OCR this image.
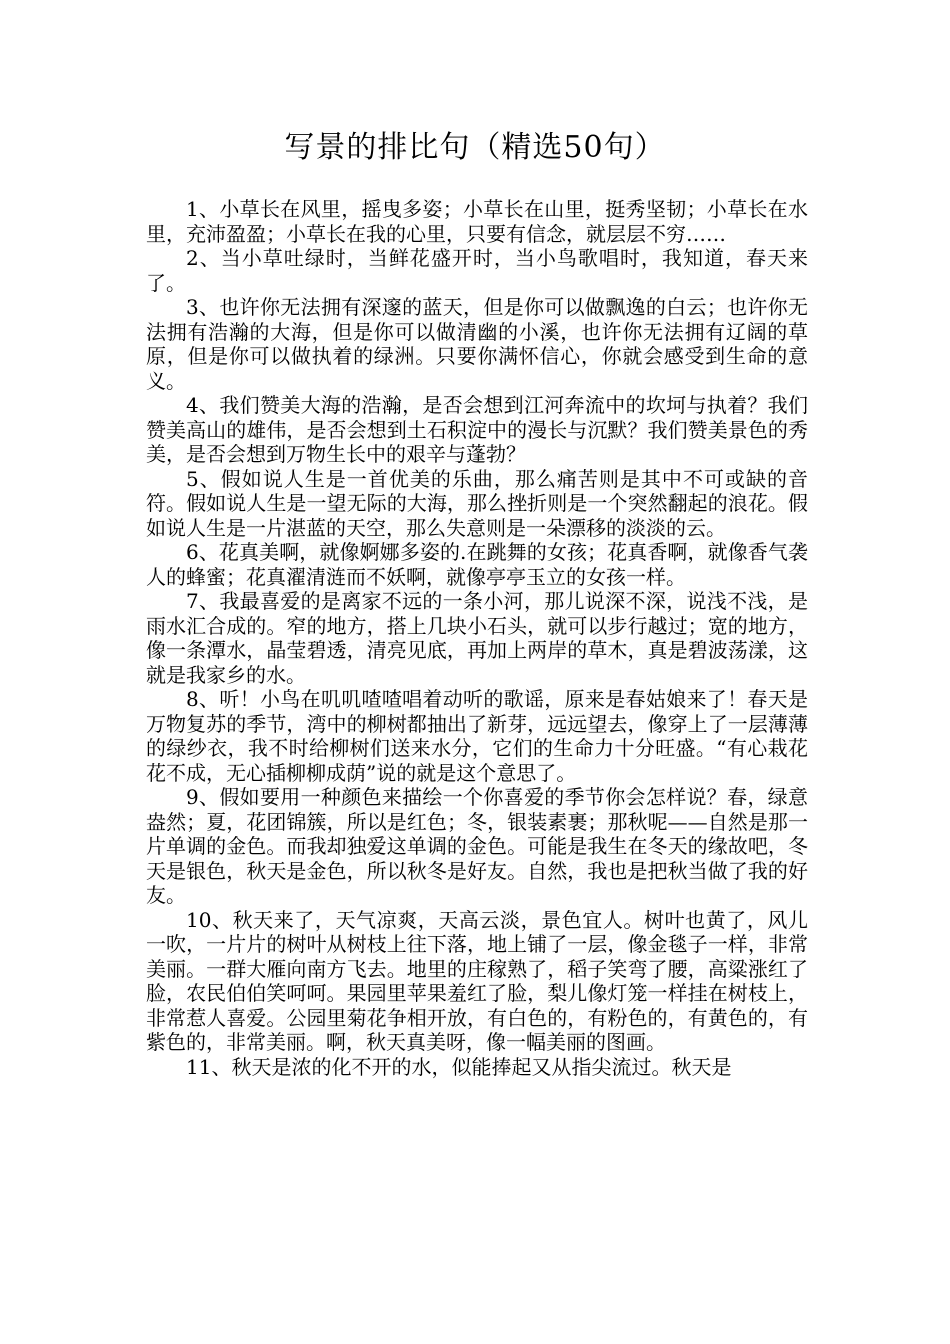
写景的排比句（精选50句）

1、小草长在风里，摇曳多姿；小草长在山里，挺秀坚韧；小草长在水里，充沛盈盈；小草长在我的心里，只要有信念，就层层不穷……

2、当小草吐绿时，当鲜花盛开时，当小鸟歌唱时，我知道，春天来了。

3、也许你无法拥有深邃的蓝天，但是你可以做飘逸的白云；也许你无法拥有浩瀚的大海，但是你可以做清幽的小溪，也许你无法拥有辽阔的草原，但是你可以做执着的绿洲。只要你满怀信心，你就会感受到生命的意义。

4、我们赞美大海的浩瀚，是否会想到江河奔流中的坎坷与执着？我们赞美高山的雄伟，是否会想到土石积淀中的漫长与沉默？我们赞美景色的秀美，是否会想到万物生长中的艰辛与蓬勃？

5、假如说人生是一首优美的乐曲，那么痛苦则是其中不可或缺的音符。假如说人生是一望无际的大海，那么挫折则是一个突然翻起的浪花。假如说人生是一片湛蓝的天空，那么失意则是一朵漂移的淡淡的云。

6、花真美啊，就像婀娜多姿的.在跳舞的女孩；花真香啊，就像香气袭人的蜂蜜；花真濯清涟而不妖啊，就像亭亭玉立的女孩一样。

7、我最喜爱的是离家不远的一条小河，那儿说深不深，说浅不浅，是雨水汇合成的。窄的地方，搭上几块小石头，就可以步行越过；宽的地方，像一条潭水，晶莹碧透，清亮见底，再加上两岸的草木，真是碧波荡漾，这就是我家乡的水。

8、听！小鸟在叽叽喳喳唱着动听的歌谣，原来是春姑娘来了！春天是万物复苏的季节，湾中的柳树都抽出了新芽，远远望去，像穿上了一层薄薄的绿纱衣，我不时给柳树们送来水分，它们的生命力十分旺盛。“有心栽花花不成，无心插柳柳成荫”说的就是这个意思了。

9、假如要用一种颜色来描绘一个你喜爱的季节你会怎样说？春，绿意盎然；夏，花团锦簇，所以是红色；冬，银装素裹；那秋呢——自然是那一片单调的金色。而我却独爱这单调的金色。可能是我生在冬天的缘故吧，冬天是银色，秋天是金色，所以秋冬是好友。自然，我也是把秋当做了我的好友。

10、秋天来了，天气凉爽，天高云淡，景色宜人。树叶也黄了，风儿一吹，一片片的树叶从树枝上往下落，地上铺了一层，像金毯子一样，非常美丽。一群大雁向南方飞去。地里的庄稼熟了，稻子笑弯了腰，高粱涨红了脸，农民伯伯笑呵呵。果园里苹果羞红了脸，梨儿像灯笼一样挂在树枝上，非常惹人喜爱。公园里菊花争相开放，有白色的，有粉色的，有黄色的，有紫色的，非常美丽。啊，秋天真美呀，像一幅美丽的图画。

11、秋天是浓的化不开的水，似能捧起又从指尖流过。秋天是
